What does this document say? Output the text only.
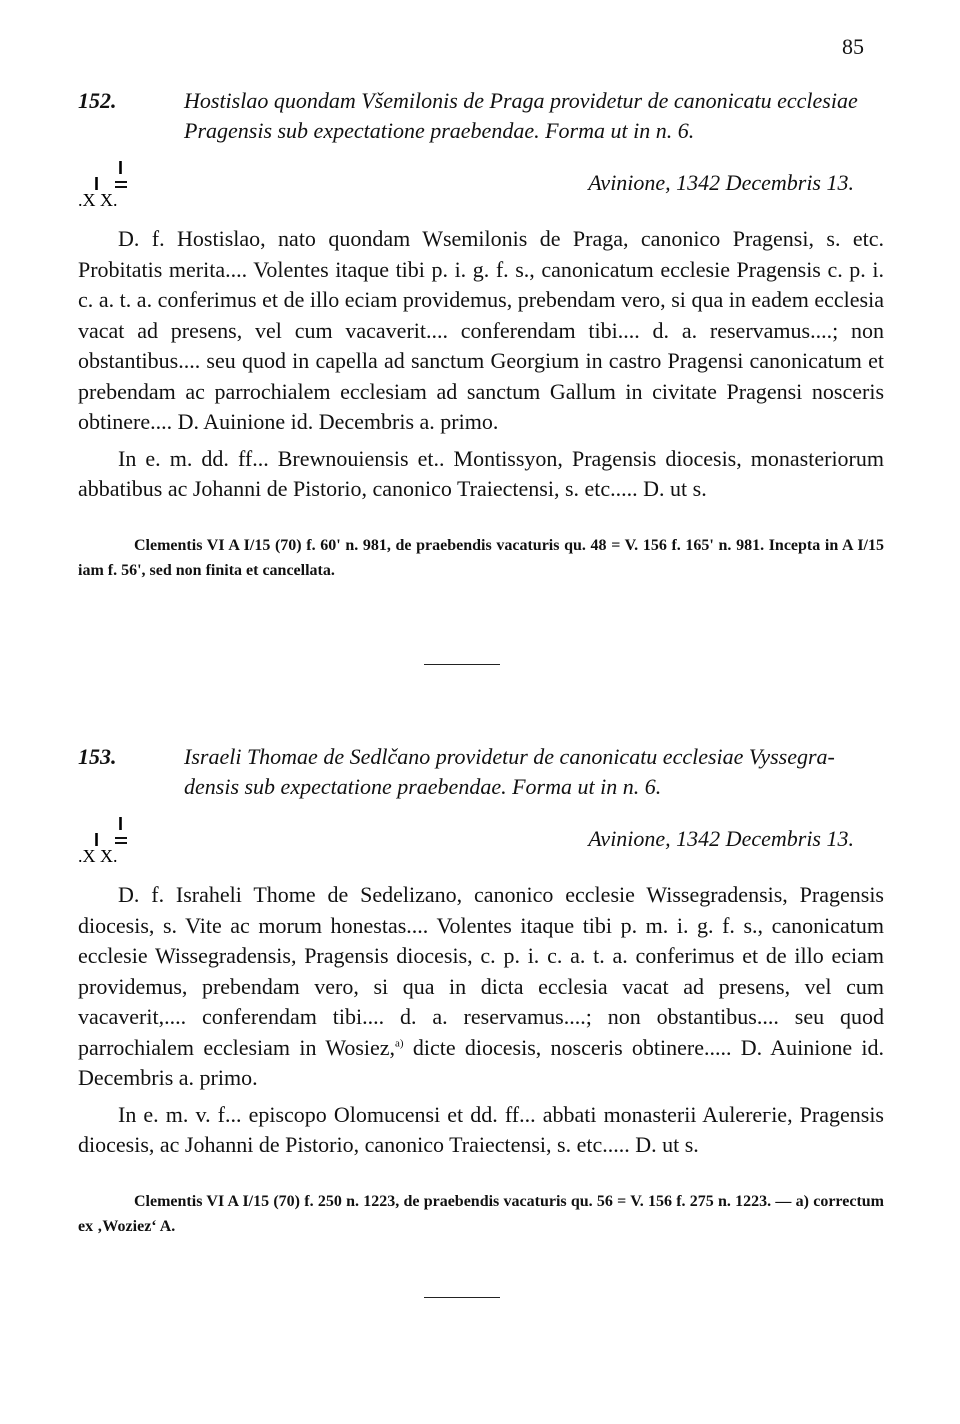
85
152.	Hostislao quondam Všemilonis de Praga providetur de canonicatu ecclesiae
Pragensis sub expectatione praebendae. Forma ut in n. 6.
I
I
.X X.
Avinione, 1342 Decembris 13.

D. f. Hostislao, nato quondam Wsemilonis de Praga, canonico Pragensi, s. etc. Probitatis merita.... Volentes itaque tibi p. i. g. f. s., canonicatum ecclesie Pragensis c. p. i. c. a. t. a. conferimus et de illo eciam providemus, prebendam vero, si qua in eadem ecclesia vacat ad presens, vel cum vacaverit.... conferendam tibi.... d. a. reservamus....; non obstantibus.... seu quod in capella ad sanctum Georgium in castro Pragensi canonicatum et prebendam ac parrochialem ecclesiam ad sanctum Gallum in civitate Pragensi nosceris obtinere.... D. Auinione id. Decembris a. primo.

In e. m. dd. ff... Brewnouiensis et.. Montissyon, Pragensis diocesis, monasteriorum abbatibus ac Johanni de Pistorio, canonico Traiectensi, s. etc..... D. ut s.

Clementis VI A I/15 (70) f. 60' n. 981, de praebendis vacaturis qu. 48 = V. 156 f. 165' n. 981. Incepta in A I/15 iam f. 56', sed non finita et cancellata.
153.	Israeli Thomae de Sedlčano providetur de canonicatu ecclesiae Vyssegra-
densis sub expectatione praebendae. Forma ut in n. 6.
I
I
.X X.
Avinione, 1342 Decembris 13.

D. f. Israheli Thome de Sedelizano, canonico ecclesie Wissegradensis, Pragensis diocesis, s. Vite ac morum honestas.... Volentes itaque tibi p. m. i. g. f. s., canonicatum ecclesie Wissegradensis, Pragensis diocesis, c. p. i. c. a. t. a. conferimus et de illo eciam providemus, prebendam vero, si qua in dicta ecclesia vacat ad presens, vel cum vacaverit,.... conferendam tibi.... d. a. reservamus....; non obstantibus.... seu quod parrochialem ecclesiam in Wosiez,$^{a)}$ dicte diocesis, nosceris obtinere..... D. Auinione id. Decembris a. primo.

In e. m. v. f... episcopo Olomucensi et dd. ff... abbati monasterii Aulerегie, Pragensis diocesis, ac Johanni de Pistorio, canonico Traiectensi, s. etc..... D. ut s.

Clementis VI A I/15 (70) f. 250 n. 1223, de praebendis vacaturis qu. 56 = V. 156 f. 275 n. 1223. — a) correctum ex ‚Woziez‘ A.
